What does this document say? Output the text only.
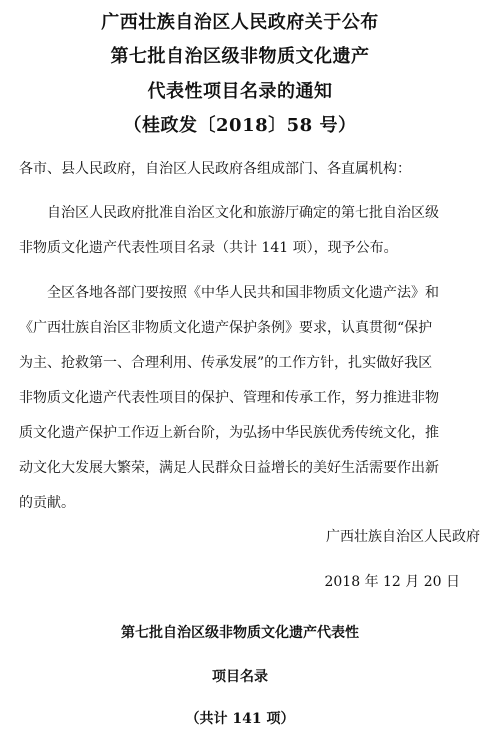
广西壮族自治区人民政府关于公布
第七批自治区级非物质文化遗产
代表性项目名录的通知
（桂政发〔2018〕58 号）
各市、县人民政府，自治区人民政府各组成部门、各直属机构：
　　自治区人民政府批准自治区文化和旅游厅确定的第七批自治区级
非物质文化遗产代表性项目名录（共计 141 项），现予公布。
　　全区各地各部门要按照《中华人民共和国非物质文化遗产法》和
《广西壮族自治区非物质文化遗产保护条例》要求，认真贯彻“保护
为主、抢救第一、合理利用、传承发展”的工作方针，扎实做好我区
非物质文化遗产代表性项目的保护、管理和传承工作，努力推进非物
质文化遗产保护工作迈上新台阶，为弘扬中华民族优秀传统文化，推
动文化大发展大繁荣，满足人民群众日益增长的美好生活需要作出新
的贡献。
广西壮族自治区人民政府
2018 年 12 月 20 日
第七批自治区级非物质文化遗产代表性
项目名录
（共计 141 项）
